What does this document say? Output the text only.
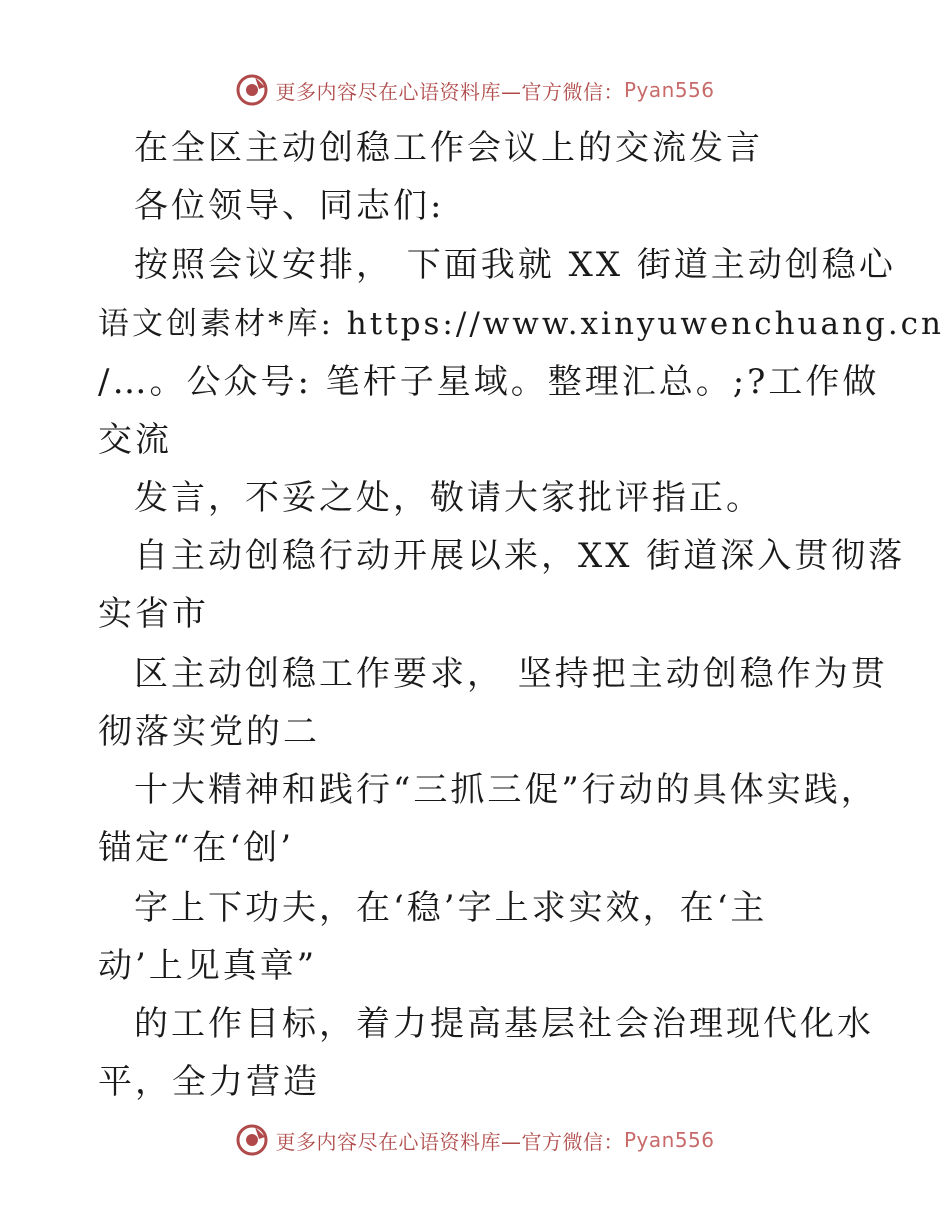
更多内容尽在心语资料库—官方微信： Pyan556
在全区主动创稳工作会议上的交流发言
各位领导、同志们:
按照会议安排， 下面我就 XX 街道主动创稳心
语文创素材*库: https://www.xinyuwenchuang.cn
/…。公众号: 笔杆子星域。整理汇总。;?工作做
交流
发言，不妥之处，敬请大家批评指正。
自主动创稳行动开展以来，XX 街道深入贯彻落
实省市
区主动创稳工作要求， 坚持把主动创稳作为贯
彻落实党的二
十大精神和践行“三抓三促”行动的具体实践，
锚定“在‘创’
字上下功夫，在‘稳’字上求实效，在‘主
动’上见真章”
的工作目标，着力提高基层社会治理现代化水
平，全力营造
更多内容尽在心语资料库—官方微信： Pyan556
